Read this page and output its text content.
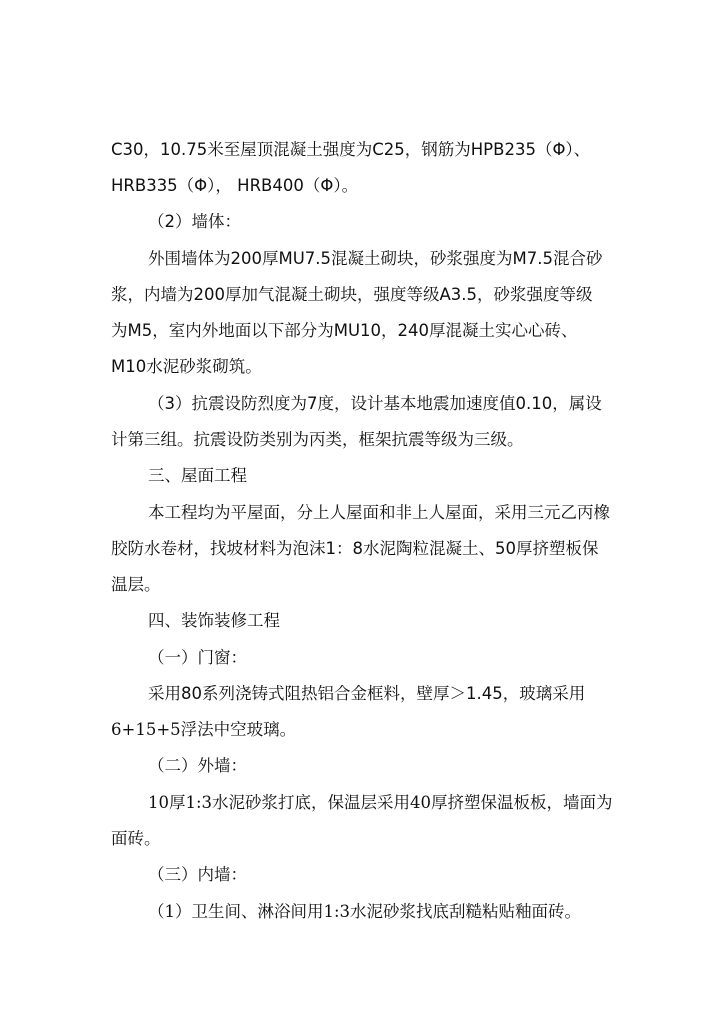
C30，10.75米至屋顶混凝土强度为C25，钢筋为HPB235（Φ）、
HRB335（Φ）， HRB400（Φ）。
（2）墙体：
外围墙体为200厚MU7.5混凝土砌块，砂浆强度为M7.5混合砂
浆，内墙为200厚加气混凝土砌块，强度等级A3.5，砂浆强度等级
为M5，室内外地面以下部分为MU10，240厚混凝土实心心砖、
M10水泥砂浆砌筑。
（3）抗震设防烈度为7度，设计基本地震加速度值0.10，属设
计第三组。抗震设防类别为丙类，框架抗震等级为三级。
三、屋面工程
本工程均为平屋面，分上人屋面和非上人屋面，采用三元乙丙橡
胶防水卷材，找坡材料为泡沫1：8水泥陶粒混凝土、50厚挤塑板保
温层。
四、装饰装修工程
（一）门窗：
采用80系列浇铸式阻热铝合金框料，壁厚＞1.45，玻璃采用
6+15+5浮法中空玻璃。
（二）外墙：
10厚1:3水泥砂浆打底，保温层采用40厚挤塑保温板板，墙面为
面砖。
（三）内墙：
（1）卫生间、淋浴间用1:3水泥砂浆找底刮糙粘贴釉面砖。
